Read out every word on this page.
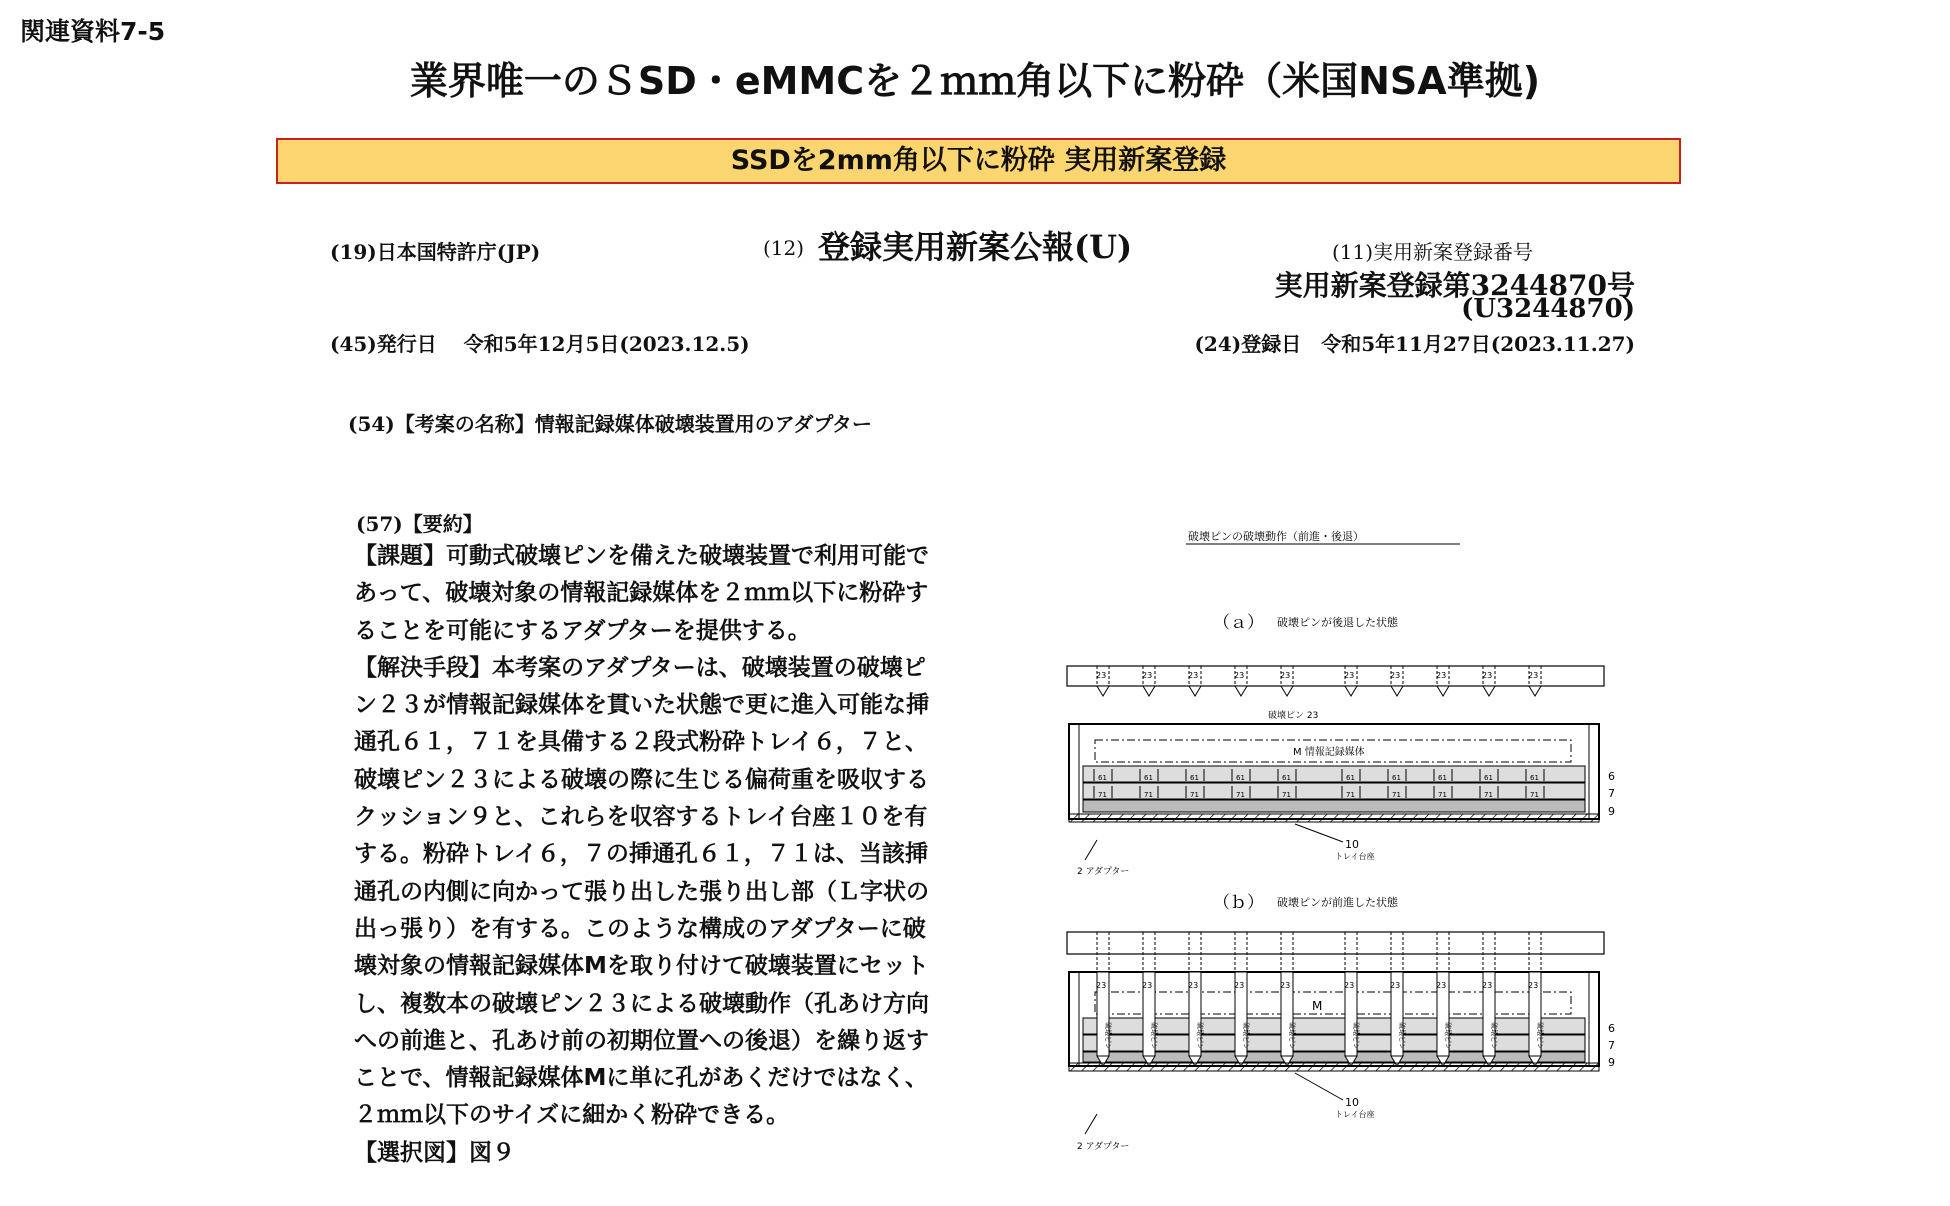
関連資料7-5
業界唯一のＳSD・eMMCを２ｍｍ角以下に粉砕（米国NSA準拠)
SSDを2mm角以下に粉砕 実用新案登録
(19)日本国特許庁(JP)	(12) 登録実用新案公報(U)	(11)実用新案登録番号
実用新案登録第3244870号
(U3244870)
(45)発行日　 令和5年12月5日(2023.12.5)	(24)登録日　令和5年11月27日(2023.11.27)
(54)【考案の名称】情報記録媒体破壊装置用のアダプター
(57)【要約】
【課題】可動式破壊ピンを備えた破壊装置で利用可能で
あって、破壊対象の情報記録媒体を２ｍｍ以下に粉砕す
ることを可能にするアダプターを提供する。
【解決手段】本考案のアダプターは、破壊装置の破壊ピ
ン２３が情報記録媒体を貫いた状態で更に進入可能な挿
通孔６１，７１を具備する２段式粉砕トレイ６，７と、
破壊ピン２３による破壊の際に生じる偏荷重を吸収する
クッション９と、これらを収容するトレイ台座１０を有
する。粉砕トレイ６，７の挿通孔６１，７１は、当該挿
通孔の内側に向かって張り出した張り出し部（Ｌ字状の
出っ張り）を有する。このような構成のアダプターに破
壊対象の情報記録媒体Mを取り付けて破壊装置にセット
し、複数本の破壊ピン２３による破壊動作（孔あけ方向
への前進と、孔あけ前の初期位置への後退）を繰り返す
ことで、情報記録媒体Mに単に孔があくだけではなく、
２ｍｍ以下のサイズに細かく粉砕できる。
【選択図】図９
破壊ピンの破壊動作（前進・後退）
（ａ） 破壊ピンが後退した状態
23	23	23	23	23	23	23	23	23	23
破壊ピン 23
M 情報記録媒体
61
71
61
71
61
71
61
71
61
71
61
71
61
71
61
71
61
71
61
71
6
7
9
10
トレイ台座
2 アダプター
（ｂ） 破壊ピンが前進した状態
M
23
破壊ピン
23
破壊ピン
23
破壊ピン
23
破壊ピン
23
破壊ピン
23
破壊ピン
23
破壊ピン
23
破壊ピン
23
破壊ピン
23
破壊ピン	6
7
9
10
トレイ台座
2 アダプター
